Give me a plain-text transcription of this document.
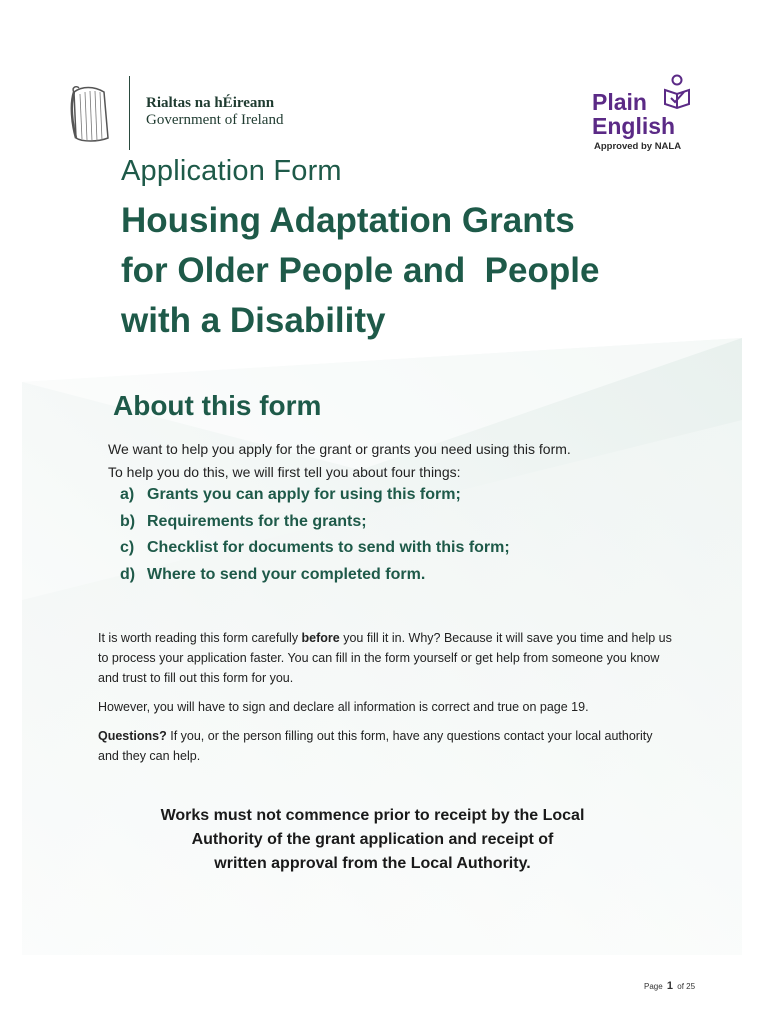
Rialtas na hÉireann
Government of Ireland
Plain
English
Approved by NALA
Application Form
Housing Adaptation Grants
for Older People and  People
with a Disability
About this form
We want to help you apply for the grant or grants you need using this form.
To help you do this, we will first tell you about four things:
a) Grants you can apply for using this form;
b) Requirements for the grants;
c) Checklist for documents to send with this form;
d) Where to send your completed form.

It is worth reading this form carefully before you fill it in. Why? Because it will save you time and help us to process your application faster. You can fill in the form yourself or get help from someone you know and trust to fill out this form for you.

However, you will have to sign and declare all information is correct and true on page 19.

Questions? If you, or the person filling out this form, have any questions contact your local authority and they can help.

Works must not commence prior to receipt by the Local
Authority of the grant application and receipt of
written approval from the Local Authority.
Page 1 of 25
